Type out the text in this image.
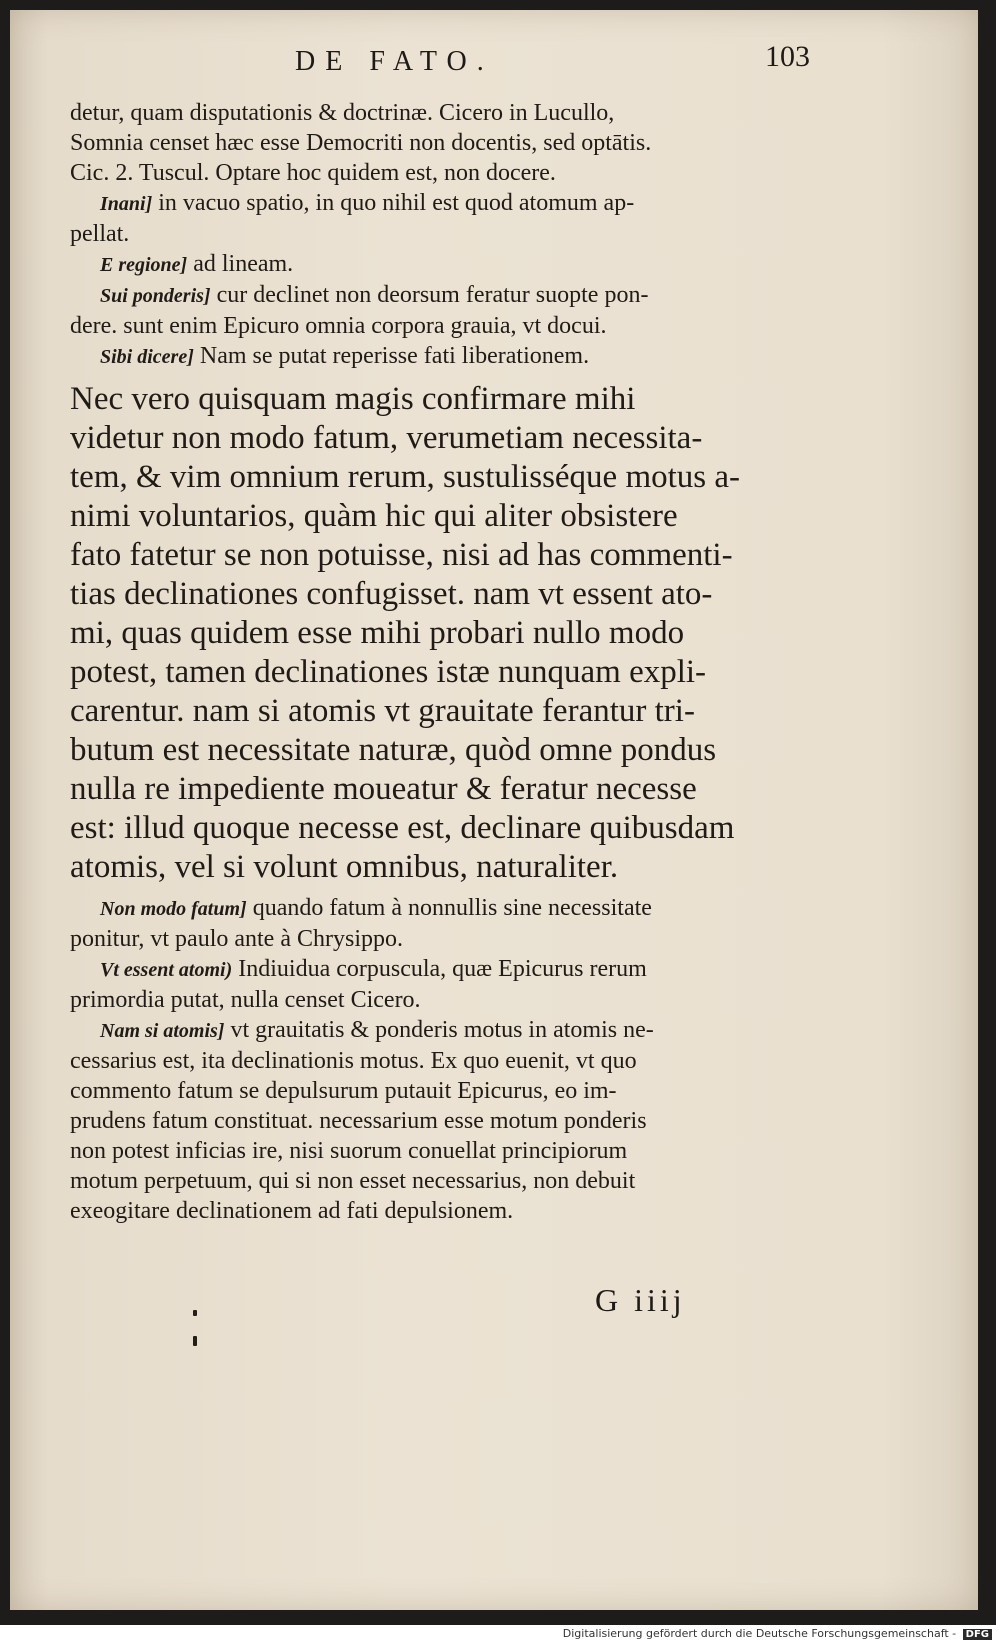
DE FATO.	103
detur, quam disputationis & doctrinæ. Cicero in Lucullo,
Somnia censet hæc esse Democriti non docentis, sed optātis.
Cic. 2. Tuscul. Optare hoc quidem est, non docere.
Inani] in vacuo spatio, in quo nihil est quod atomum ap-
pellat.
E regione] ad lineam.
Sui ponderis] cur declinet non deorsum feratur suopte pon-
dere. sunt enim Epicuro omnia corpora grauia, vt docui.
Sibi dicere] Nam se putat reperisse fati liberationem.
Nec vero quisquam magis confirmare mihi
videtur non modo fatum, verumetiam necessita-
tem, & vim omnium rerum, sustulisséque motus a-
nimi voluntarios, quàm hic qui aliter obsistere
fato fatetur se non potuisse, nisi ad has commenti-
tias declinationes confugisset. nam vt essent ato-
mi, quas quidem esse mihi probari nullo modo
potest, tamen declinationes istæ nunquam expli-
carentur. nam si atomis vt grauitate ferantur tri-
butum est necessitate naturæ, quòd omne pondus
nulla re impediente moueatur & feratur necesse
est: illud quoque necesse est, declinare quibusdam
atomis, vel si volunt omnibus, naturaliter.
Non modo fatum] quando fatum à nonnullis sine necessitate
ponitur, vt paulo ante à Chrysippo.
Vt essent atomi) Indiuidua corpuscula, quæ Epicurus rerum
primordia putat, nulla censet Cicero.
Nam si atomis] vt grauitatis & ponderis motus in atomis ne-
cessarius est, ita declinationis motus. Ex quo euenit, vt quo
commento fatum se depulsurum putauit Epicurus, eo im-
prudens fatum constituat. necessarium esse motum ponderis
non potest inficias ire, nisi suorum conuellat principiorum
motum perpetuum, qui si non esset necessarius, non debuit
exeogitare declinationem ad fati depulsionem.
G iiij
Digitalisierung gefördert durch die Deutsche Forschungsgemeinschaft - DFG
